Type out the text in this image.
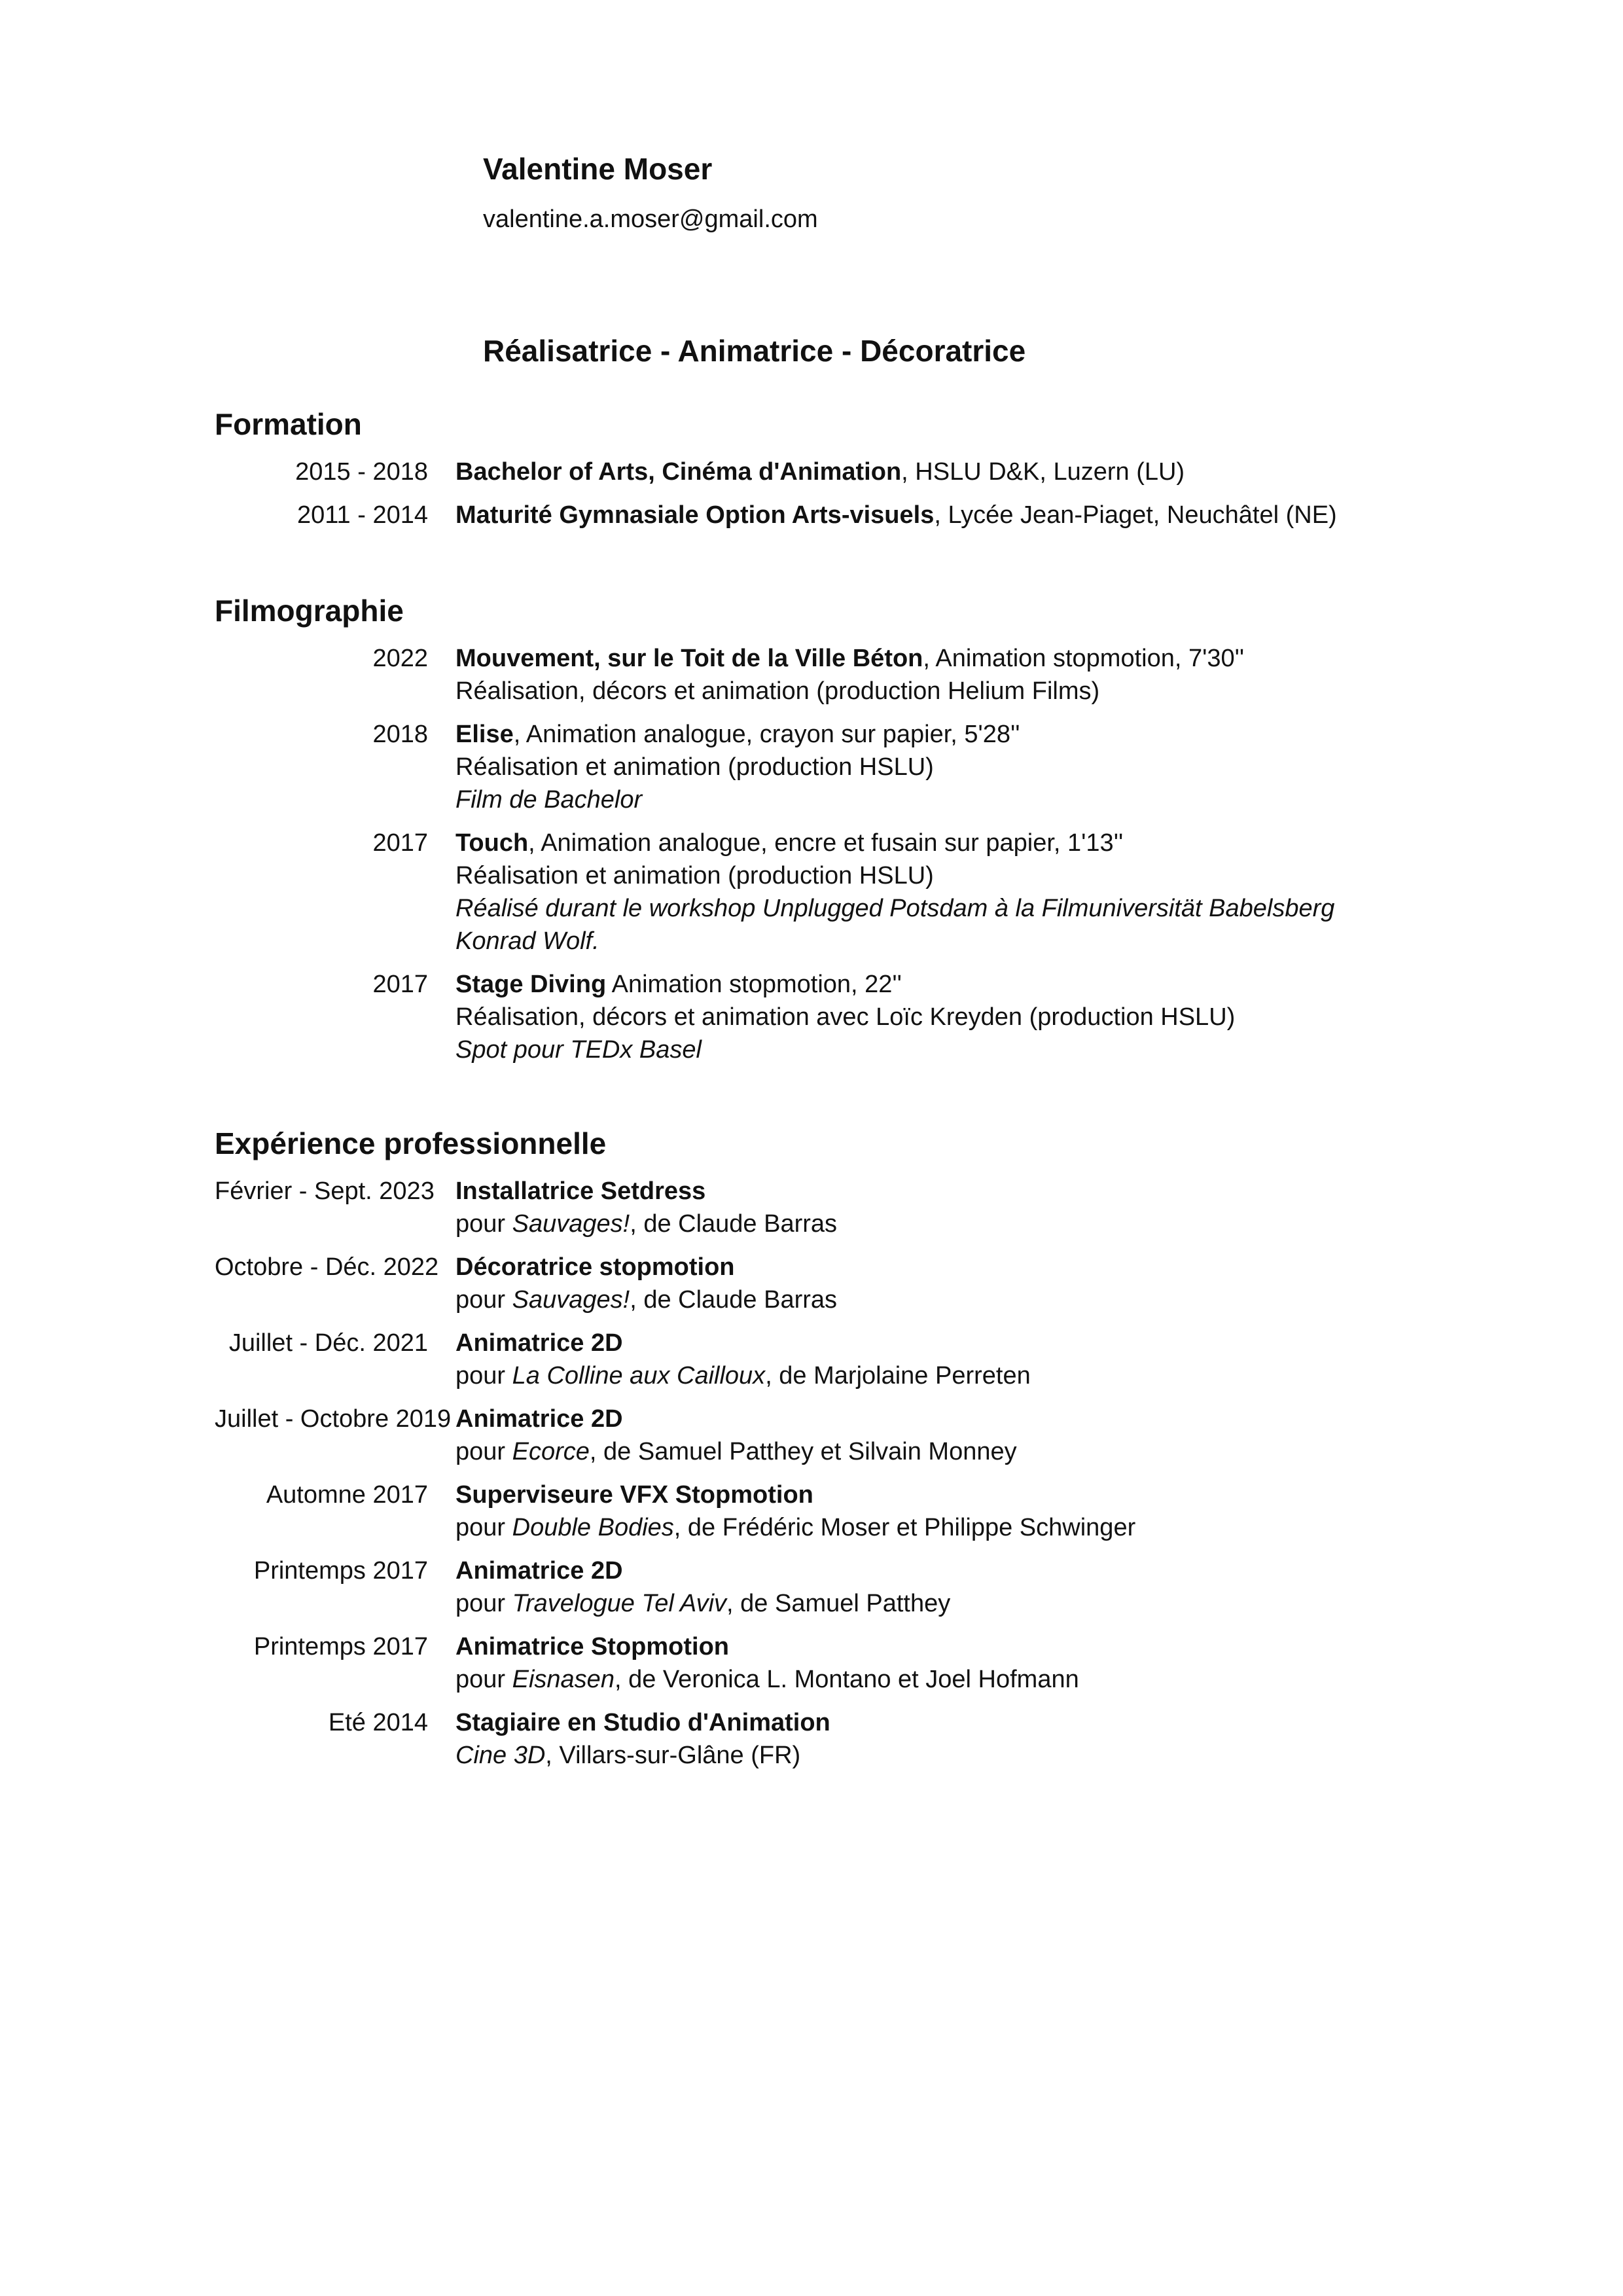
Valentine Moser
valentine.a.moser@gmail.com
Réalisatrice - Animatrice - Décoratrice
Formation
2015 - 2018	Bachelor of Arts, Cinéma d'Animation, HSLU D&K, Luzern (LU)
2011 - 2014	Maturité Gymnasiale Option Arts-visuels, Lycée Jean-Piaget, Neuchâtel (NE)
Filmographie
2022	Mouvement, sur le Toit de la Ville Béton, Animation stopmotion, 7'30''
Réalisation, décors et animation (production Helium Films)
2018	Elise, Animation analogue, crayon sur papier, 5'28''
Réalisation et animation (production HSLU)
Film de Bachelor
2017	Touch, Animation analogue, encre et fusain sur papier, 1'13''
Réalisation et animation (production HSLU)
Réalisé durant le workshop Unplugged Potsdam à la Filmuniversität Babelsberg Konrad Wolf.
2017	Stage Diving Animation stopmotion, 22''
Réalisation, décors et animation avec Loïc Kreyden (production HSLU)
Spot pour TEDx Basel
Expérience professionnelle
Février - Sept. 2023 Installatrice Setdress
pour Sauvages!, de Claude Barras
Octobre - Déc. 2022 Décoratrice stopmotion
pour Sauvages!, de Claude Barras
Juillet - Déc. 2021	Animatrice 2D
pour La Colline aux Cailloux, de Marjolaine Perreten
Juillet - Octobre 2019 Animatrice 2D
pour Ecorce, de Samuel Patthey et Silvain Monney
Automne 2017	Superviseure VFX Stopmotion
pour Double Bodies, de Frédéric Moser et Philippe Schwinger
Printemps 2017	Animatrice 2D
pour Travelogue Tel Aviv, de Samuel Patthey
Printemps 2017	Animatrice Stopmotion
pour Eisnasen, de Veronica L. Montano et Joel Hofmann
Eté 2014	Stagiaire en Studio d'Animation
Cine 3D, Villars-sur-Glâne (FR)
